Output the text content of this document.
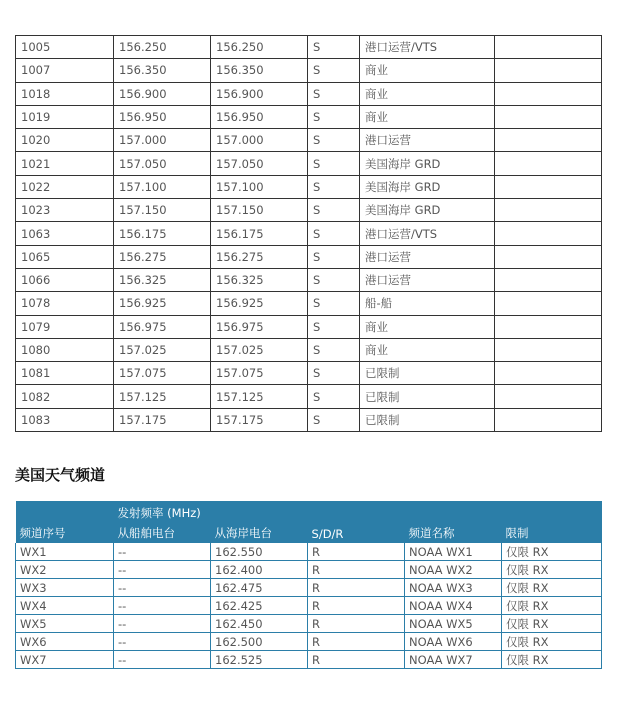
1005	156.250	156.250	S	港口运营/VTS	
1007	156.350	156.350	S	商业	
1018	156.900	156.900	S	商业	
1019	156.950	156.950	S	商业	
1020	157.000	157.000	S	港口运营	
1021	157.050	157.050	S	美国海岸 GRD	
1022	157.100	157.100	S	美国海岸 GRD	
1023	157.150	157.150	S	美国海岸 GRD	
1063	156.175	156.175	S	港口运营/VTS	
1065	156.275	156.275	S	港口运营	
1066	156.325	156.325	S	港口运营	
1078	156.925	156.925	S	船-船	
1079	156.975	156.975	S	商业	
1080	157.025	157.025	S	商业	
1081	157.075	157.075	S	已限制	
1082	157.125	157.125	S	已限制	
1083	157.175	157.175	S	已限制	
美国天气频道
	发射频率 (MHz)				
频道序号	从船舶电台	从海岸电台	S/D/R	频道名称	限制
WX1	--	162.550	R	NOAA WX1	仅限 RX
WX2	--	162.400	R	NOAA WX2	仅限 RX
WX3	--	162.475	R	NOAA WX3	仅限 RX
WX4	--	162.425	R	NOAA WX4	仅限 RX
WX5	--	162.450	R	NOAA WX5	仅限 RX
WX6	--	162.500	R	NOAA WX6	仅限 RX
WX7	--	162.525	R	NOAA WX7	仅限 RX
